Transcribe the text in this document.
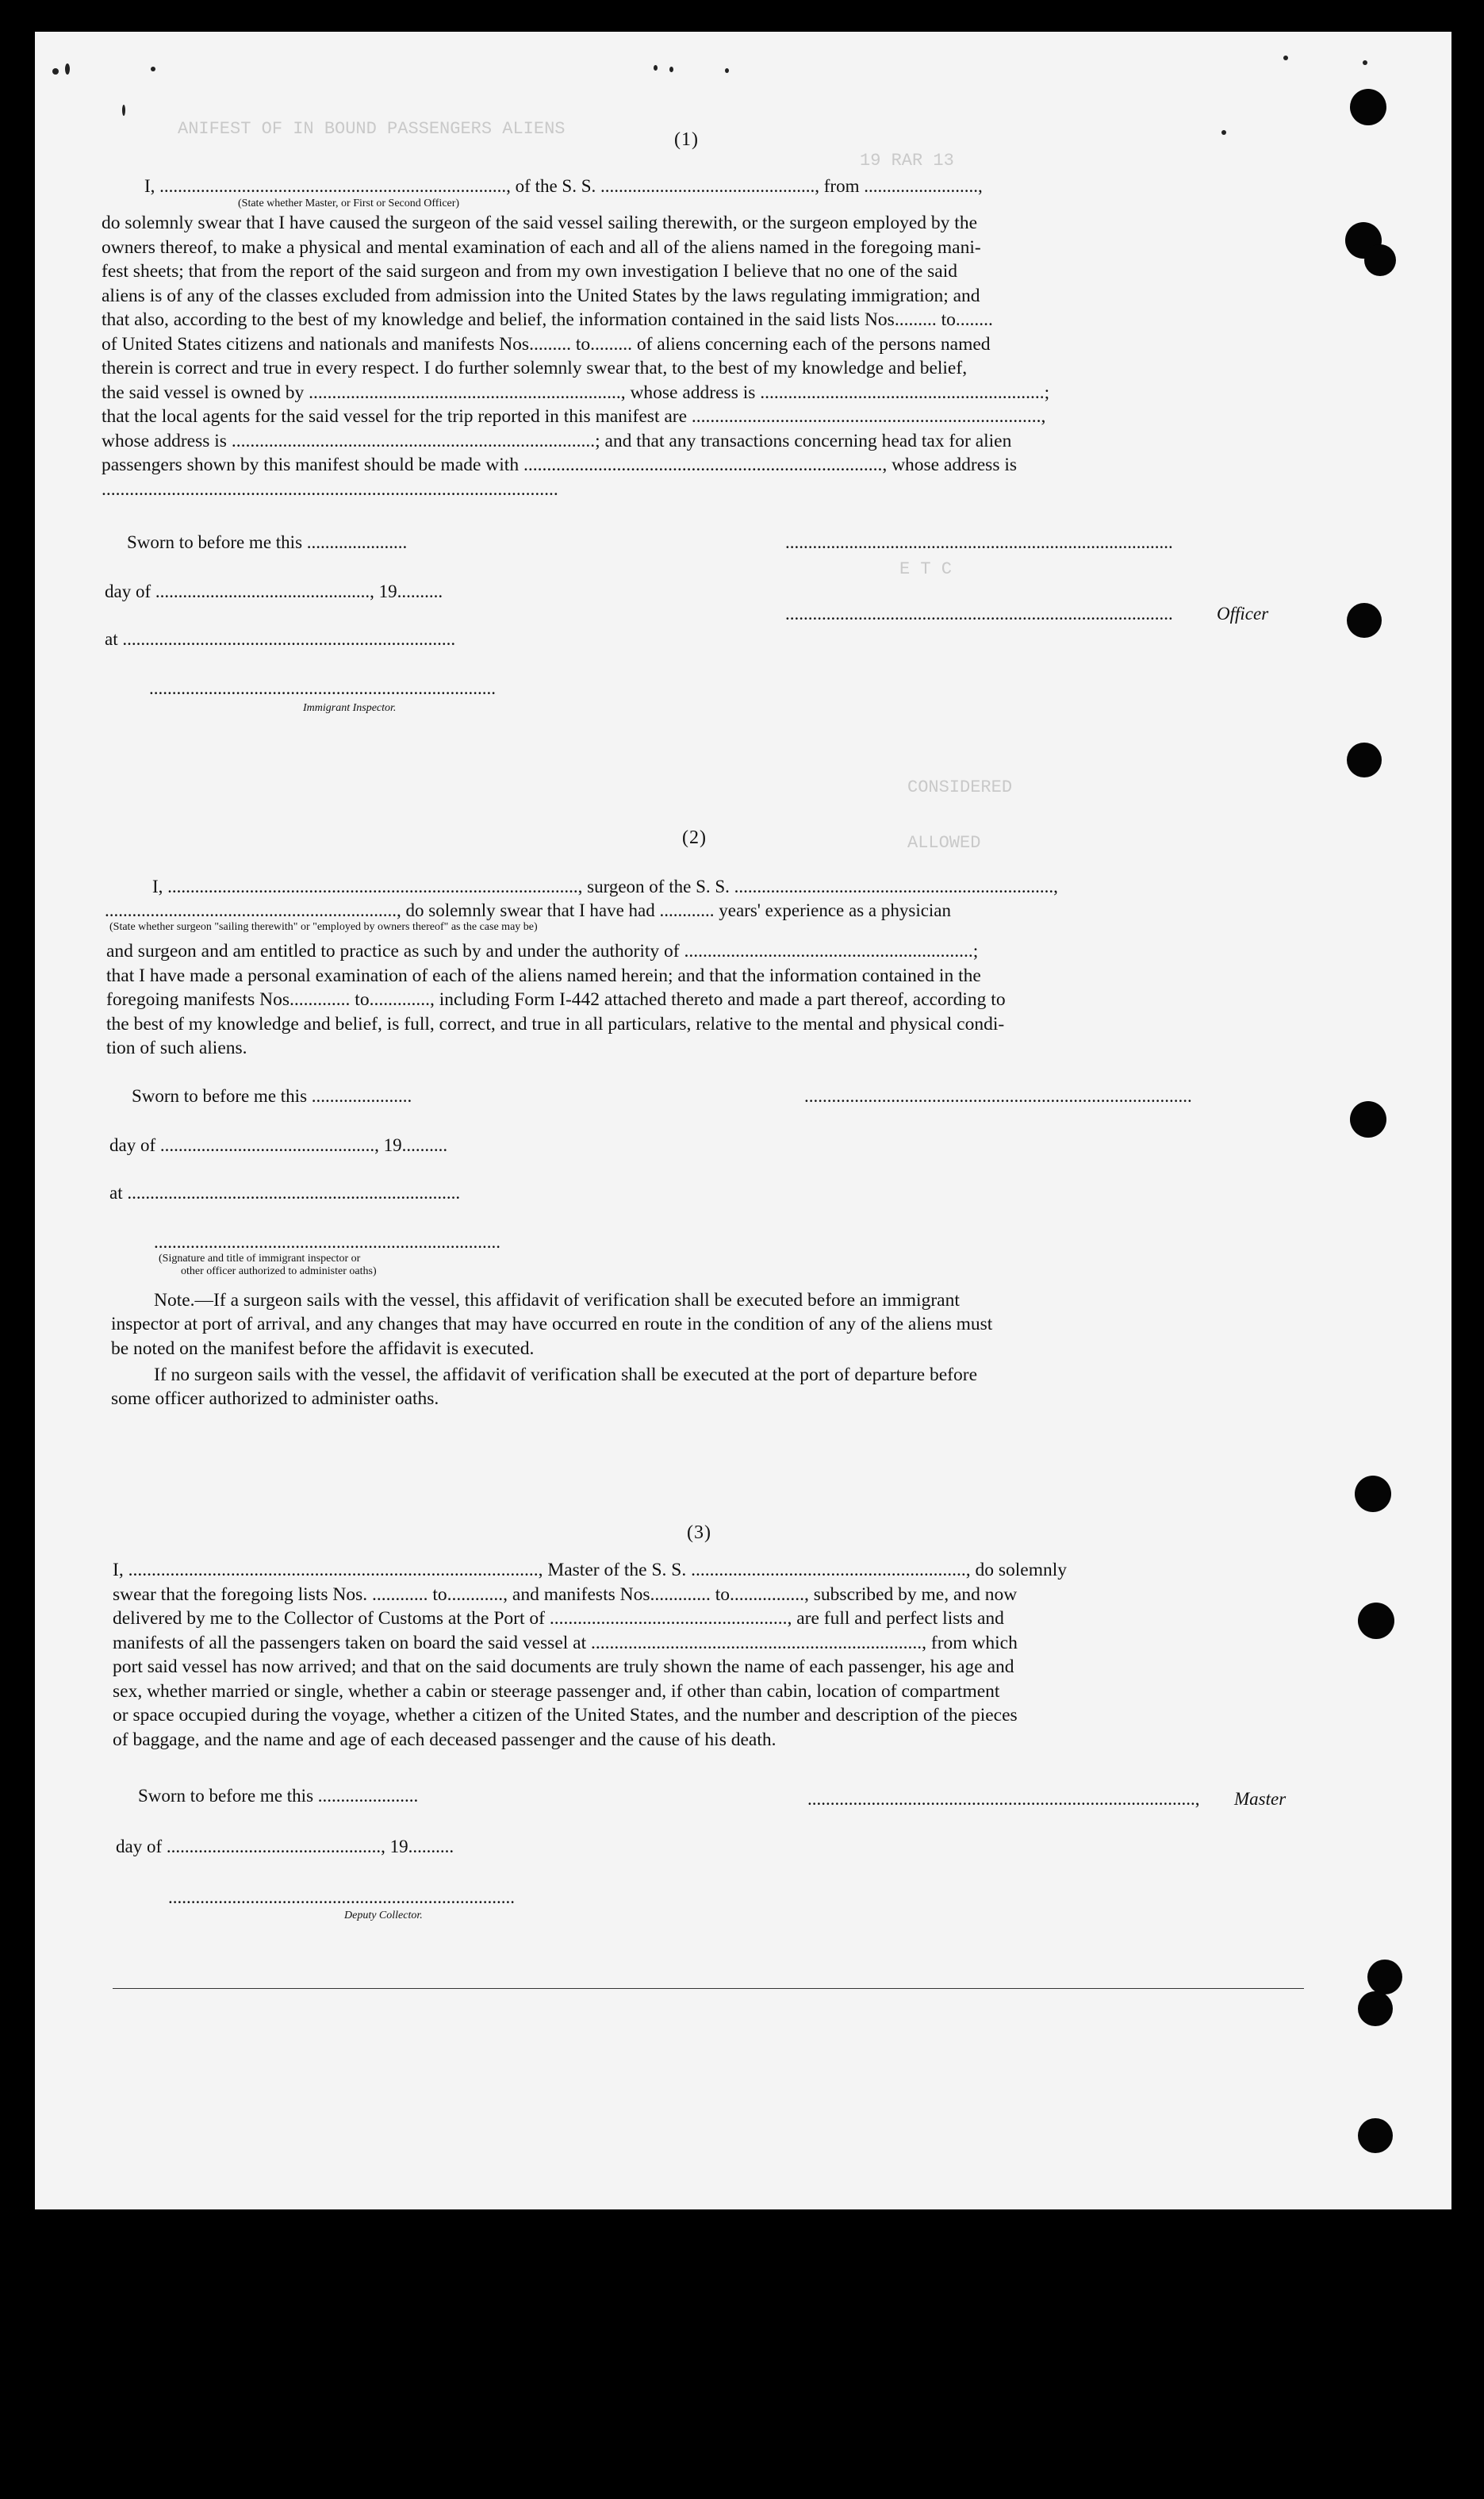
ANIFEST OF IN BOUND PASSENGERS ALIENS
19 RAR 13
E T C
CONSIDERED
ALLOWED
(1)
I, ............................................................................, of the S. S. ..............................................., from .........................,
(State whether Master, or First or Second Officer)
do solemnly swear that I have caused the surgeon of the said vessel sailing therewith, or the surgeon employed by the
owners thereof, to make a physical and mental examination of each and all of the aliens named in the foregoing mani-
fest sheets; that from the report of the said surgeon and from my own investigation I believe that no one of the said
aliens is of any of the classes excluded from admission into the United States by the laws regulating immigration; and
that also, according to the best of my knowledge and belief, the information contained in the said lists Nos......... to........
of United States citizens and nationals and manifests Nos......... to......... of aliens concerning each of the persons named
therein is correct and true in every respect. I do further solemnly swear that, to the best of my knowledge and belief,
the said vessel is owned by ..................................................................., whose address is .............................................................;
that the local agents for the said vessel for the trip reported in this manifest are ...........................................................................,
whose address is ..............................................................................; and that any transactions concerning head tax for alien
passengers shown by this manifest should be made with ............................................................................., whose address is
..................................................................................................
Sworn to before me this ......................	.....................................................................................
day of ..............................................., 19..........
..................................................................................... Officer
at .........................................................................
............................................................................
Immigrant Inspector.
(2)
I, .........................................................................................., surgeon of the S. S. ......................................................................,
................................................................, do solemnly swear that I have had ............ years' experience as a physician
(State whether surgeon "sailing therewith" or "employed by owners thereof" as the case may be)
and surgeon and am entitled to practice as such by and under the authority of ..............................................................;
that I have made a personal examination of each of the aliens named herein; and that the information contained in the
foregoing manifests Nos............. to............., including Form I-442 attached thereto and made a part thereof, according to
the best of my knowledge and belief, is full, correct, and true in all particulars, relative to the mental and physical condi-
tion of such aliens.
Sworn to before me this ......................	.....................................................................................
day of ..............................................., 19..........
at .........................................................................
............................................................................
(Signature and title of immigrant inspector or
other officer authorized to administer oaths)
Note.—If a surgeon sails with the vessel, this affidavit of verification shall be executed before an immigrant
inspector at port of arrival, and any changes that may have occurred en route in the condition of any of the aliens must
be noted on the manifest before the affidavit is executed.
If no surgeon sails with the vessel, the affidavit of verification shall be executed at the port of departure before
some officer authorized to administer oaths.
(3)
I, ........................................................................................, Master of the S. S. ..........................................................., do solemnly
swear that the foregoing lists Nos. ............ to............, and manifests Nos............. to................, subscribed by me, and now
delivered by me to the Collector of Customs at the Port of ..................................................., are full and perfect lists and
manifests of all the passengers taken on board the said vessel at ......................................................................., from which
port said vessel has now arrived; and that on the said documents are truly shown the name of each passenger, his age and
sex, whether married or single, whether a cabin or steerage passenger and, if other than cabin, location of compartment
or space occupied during the voyage, whether a citizen of the United States, and the number and description of the pieces
of baggage, and the name and age of each deceased passenger and the cause of his death.
Sworn to before me this ......................	....................................................................................., Master
day of ..............................................., 19..........
............................................................................
Deputy Collector.
